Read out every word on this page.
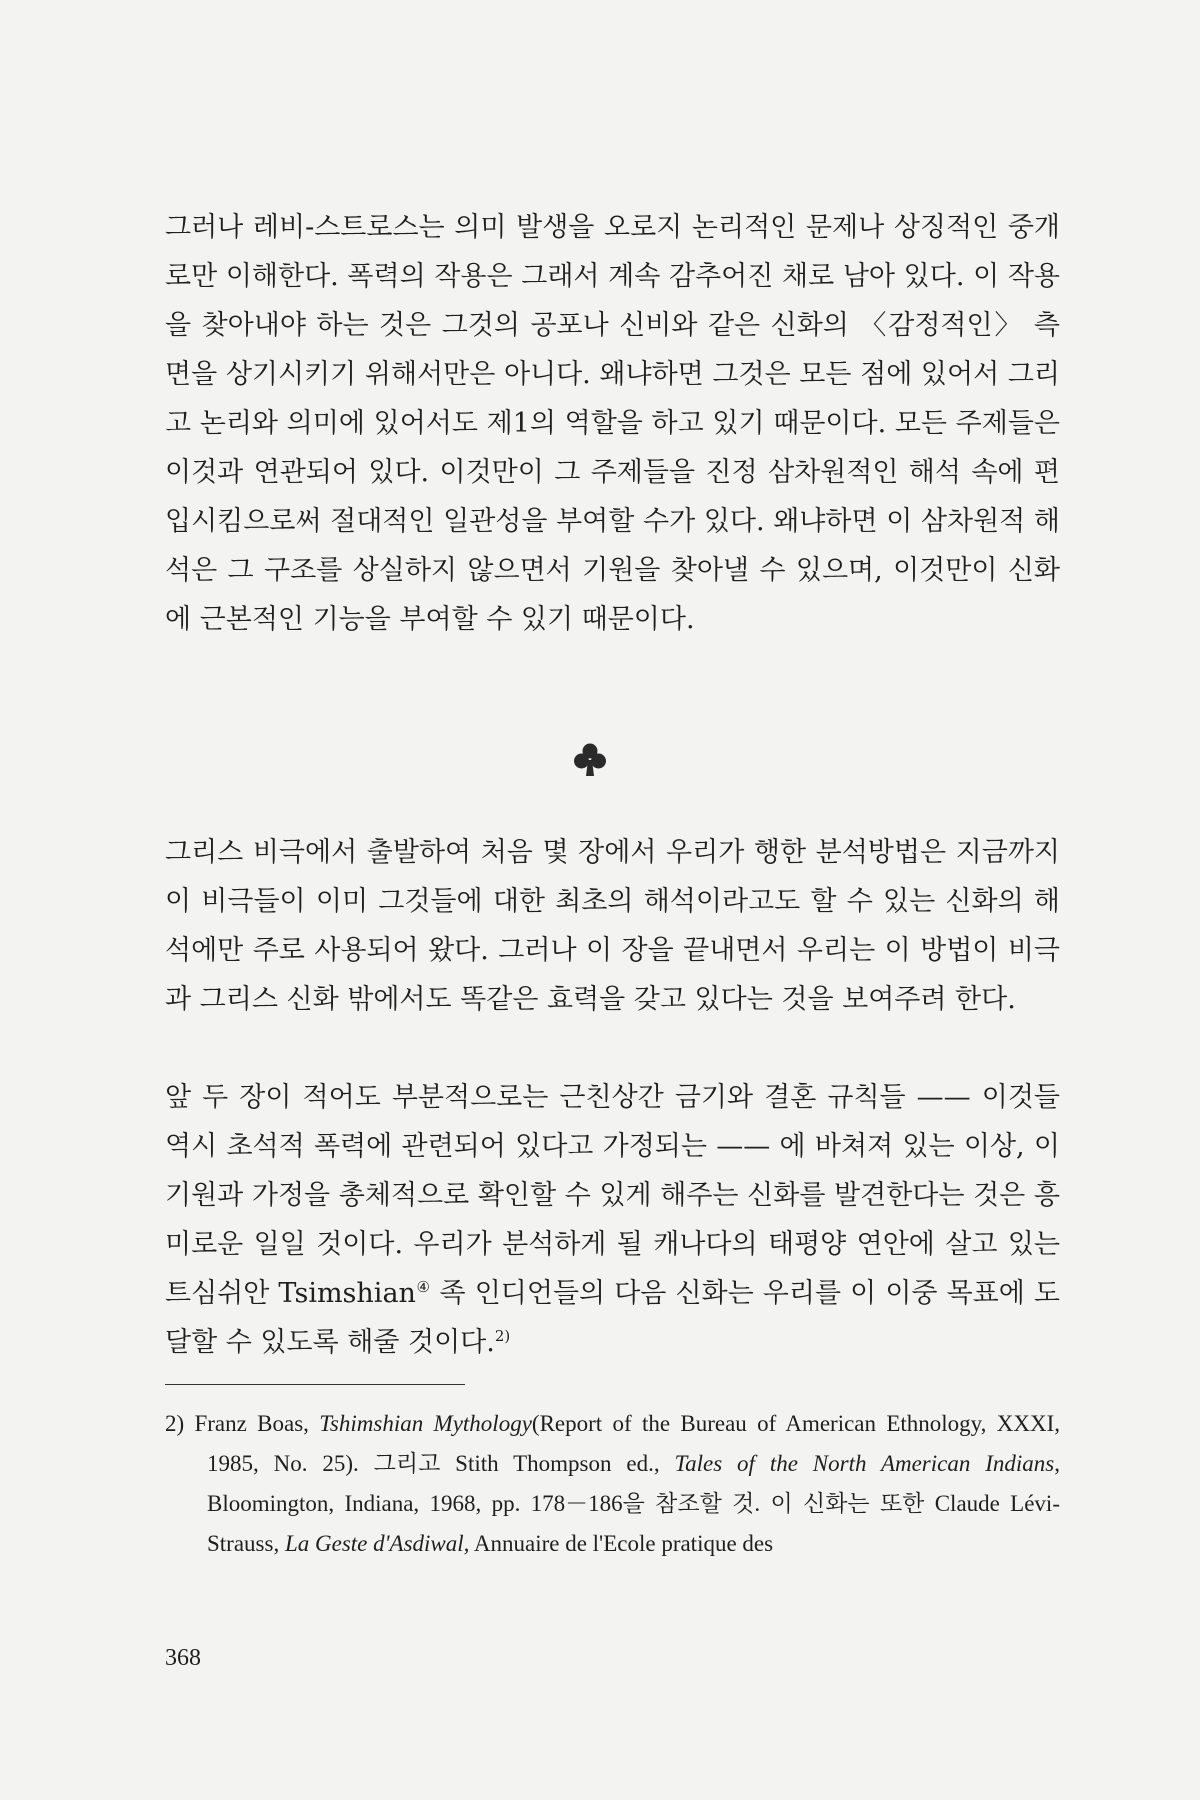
그러나 레비-스트로스는 의미 발생을 오로지 논리적인 문제나 상징적인 중개로만 이해한다. 폭력의 작용은 그래서 계속 감추어진 채로 남아 있다. 이 작용을 찾아내야 하는 것은 그것의 공포나 신비와 같은 신화의 〈감정적인〉 측면을 상기시키기 위해서만은 아니다. 왜냐하면 그것은 모든 점에 있어서 그리고 논리와 의미에 있어서도 제1의 역할을 하고 있기 때문이다. 모든 주제들은 이것과 연관되어 있다. 이것만이 그 주제들을 진정 삼차원적인 해석 속에 편입시킴으로써 절대적인 일관성을 부여할 수가 있다. 왜냐하면 이 삼차원적 해석은 그 구조를 상실하지 않으면서 기원을 찾아낼 수 있으며, 이것만이 신화에 근본적인 기능을 부여할 수 있기 때문이다.

그리스 비극에서 출발하여 처음 몇 장에서 우리가 행한 분석방법은 지금까지 이 비극들이 이미 그것들에 대한 최초의 해석이라고도 할 수 있는 신화의 해석에만 주로 사용되어 왔다. 그러나 이 장을 끝내면서 우리는 이 방법이 비극과 그리스 신화 밖에서도 똑같은 효력을 갖고 있다는 것을 보여주려 한다.

앞 두 장이 적어도 부분적으로는 근친상간 금기와 결혼 규칙들 —— 이것들 역시 초석적 폭력에 관련되어 있다고 가정되는 —— 에 바쳐져 있는 이상, 이 기원과 가정을 총체적으로 확인할 수 있게 해주는 신화를 발견한다는 것은 흥미로운 일일 것이다. 우리가 분석하게 될 캐나다의 태평양 연안에 살고 있는 트심쉬안 Tsimshian④ 족 인디언들의 다음 신화는 우리를 이 이중 목표에 도달할 수 있도록 해줄 것이다.$^{2)}$

2) Franz Boas, Tshimshian Mythology(Report of the Bureau of American Ethnology, XXXI, 1985, No. 25). 그리고 Stith Thompson ed., Tales of the North American Indians, Bloomington, Indiana, 1968, pp. 178－186을 참조할 것. 이 신화는 또한 Claude Lévi-Strauss, La Geste d'Asdiwal, Annuaire de l'Ecole pratique des

368
